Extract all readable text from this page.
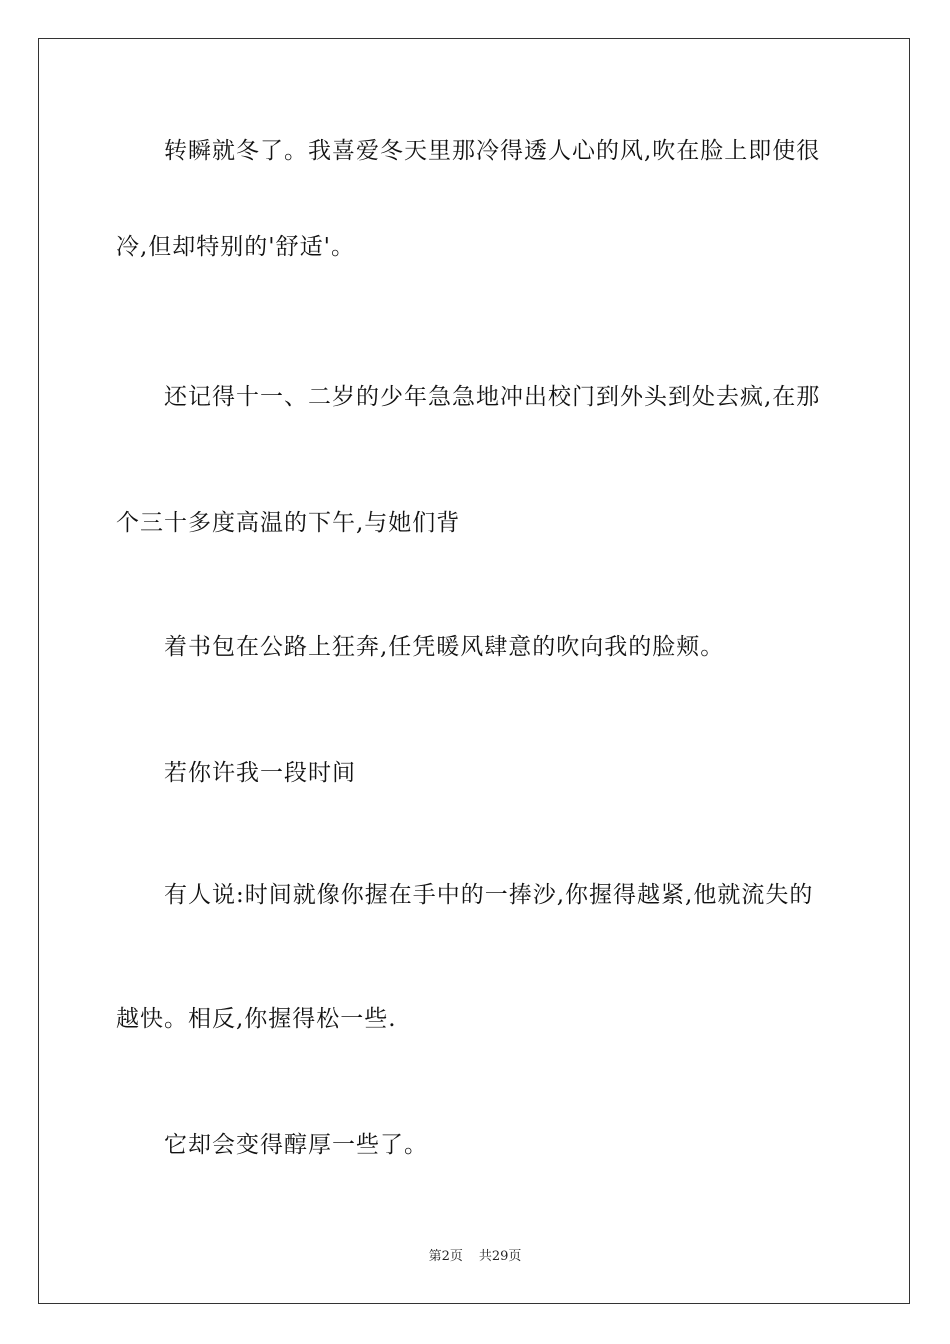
转瞬就冬了。我喜爱冬天里那冷得透人心的风,吹在脸上即使很
冷,但却特别的'舒适'。
还记得十一、二岁的少年急急地冲出校门到外头到处去疯,在那
个三十多度高温的下午,与她们背
着书包在公路上狂奔,任凭暖风肆意的吹向我的脸颊。
若你许我一段时间
有人说:时间就像你握在手中的一捧沙,你握得越紧,他就流失的
越快。相反,你握得松一些.
它却会变得醇厚一些了。
第2页 共29页
